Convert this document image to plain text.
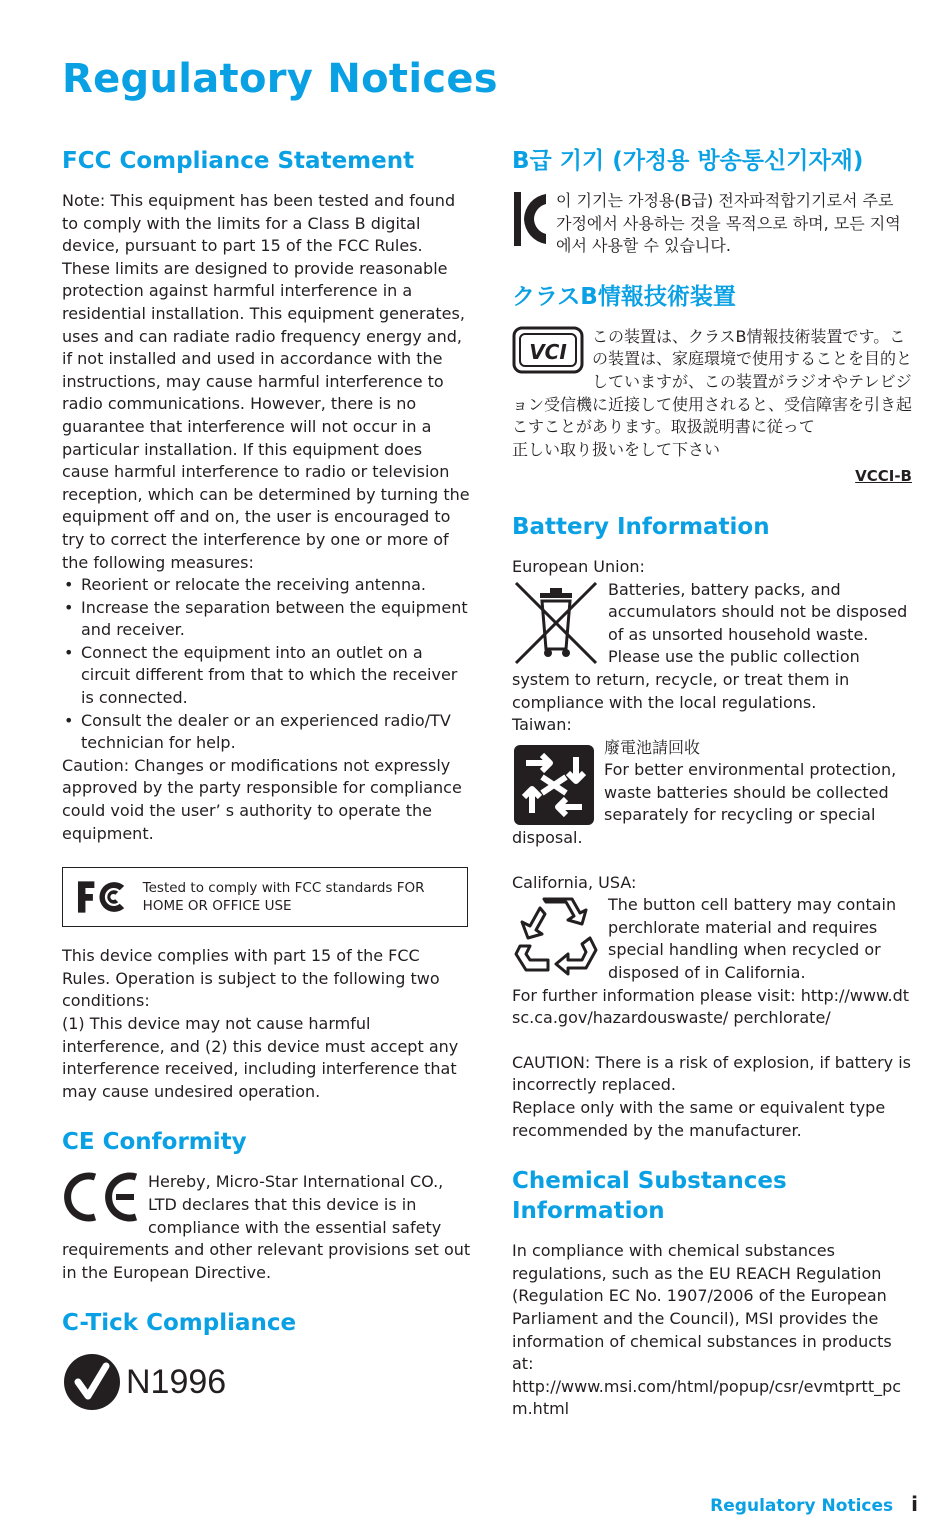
Regulatory Notices
FCC Compliance Statement

Note: This equipment has been tested and found to comply with the limits for a Class B digital device, pursuant to part 15 of the FCC Rules. These limits are designed to provide reasonable protection against harmful interference in a residential installation. This equipment generates, uses and can radiate radio frequency energy and, if not installed and used in accordance with the instructions, may cause harmful interference to radio communications. However, there is no guarantee that interference will not occur in a particular installation. If this equipment does cause harmful interference to radio or television reception, which can be determined by turning the equipment off and on, the user is encouraged to try to correct the interference by one or more of the following measures:

• Reorient or relocate the receiving antenna.
• Increase the separation between the equipment and receiver.
• Connect the equipment into an outlet on a circuit different from that to which the receiver is connected.
• Consult the dealer or an experienced radio/TV technician for help.

Caution: Changes or modifications not expressly approved by the party responsible for compliance could void the user’ s authority to operate the equipment.

Tested to comply with FCC standards FOR HOME OR OFFICE USE

This device complies with part 15 of the FCC Rules. Operation is subject to the following two conditions:

(1) This device may not cause harmful interference, and (2) this device must accept any interference received, including interference that may cause undesired operation.

CE Conformity

Hereby, Micro-Star International CO., LTD declares that this device is in compliance with the essential safety requirements and other relevant provisions set out in the European Directive.

C-Tick Compliance
N1996
B급 기기 (가정용 방송통신기자재)

이 기기는 가정용(B급) 전자파적합기기로서 주로 가정에서 사용하는 것을 목적으로 하며, 모든 지역에서 사용할 수 있습니다.

クラスB情報技術装置
VCI

この装置は、クラスB情報技術装置です。この装置は、家庭環境で使用することを目的としていますが、この装置がラジオやテレビジョン受信機に近接して使用されると、受信障害を引き起こすことがあります。取扱説明書に従って

正しい取り扱いをして下さい

VCCI-B
Battery Information

European Union:

Batteries, battery packs, and accumulators should not be disposed of as unsorted household waste. Please use the public collection system to return, recycle, or treat them in compliance with the local regulations.

Taiwan:

廢電池請回收

For better environmental protection, waste batteries should be collected separately for recycling or special disposal.

California, USA:

The button cell battery may contain perchlorate material and requires special handling when recycled or disposed of in California.

For further information please visit: http://www.dtsc.ca.gov/hazardouswaste/ perchlorate/

CAUTION: There is a risk of explosion, if battery is incorrectly replaced.

Replace only with the same or equivalent type recommended by the manufacturer.

Chemical Substances Information

In compliance with chemical substances regulations, such as the EU REACH Regulation (Regulation EC No. 1907/2006 of the European Parliament and the Council), MSI provides the information of chemical substances in products at:

http://www.msi.com/html/popup/csr/evmtprtt_pcm.html

Regulatory Notices i
